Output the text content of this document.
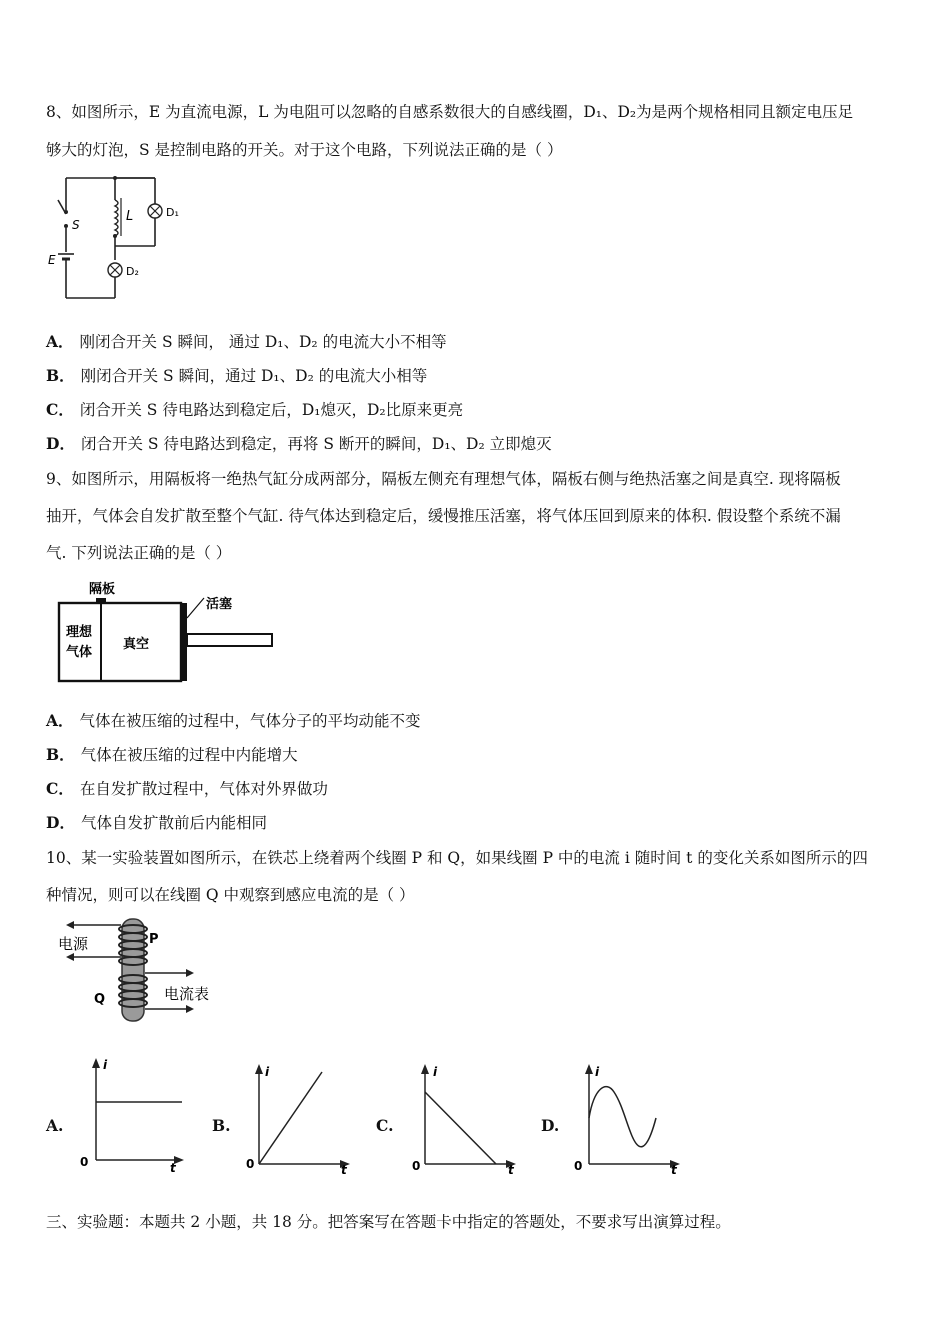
8、如图所示，E 为直流电源，L 为电阻可以忽略的自感系数很大的自感线圈，D₁、D₂为是两个规格相同且额定电压足
够大的灯泡，S 是控制电路的开关。对于这个电路，下列说法正确的是（ ）
S
L	D₁
D₂
E
A． 刚闭合开关 S 瞬间， 通过 D₁、D₂ 的电流大小不相等
B． 刚闭合开关 S 瞬间，通过 D₁、D₂ 的电流大小相等
C． 闭合开关 S 待电路达到稳定后，D₁熄灭，D₂比原来更亮
D． 闭合开关 S 待电路达到稳定，再将 S 断开的瞬间，D₁、D₂ 立即熄灭
9、如图所示，用隔板将一绝热气缸分成两部分，隔板左侧充有理想气体，隔板右侧与绝热活塞之间是真空. 现将隔板
抽开，气体会自发扩散至整个气缸. 待气体达到稳定后，缓慢推压活塞，将气体压回到原来的体积. 假设整个系统不漏
气. 下列说法正确的是（ ）
隔板
活塞
理想
气体
真空
A． 气体在被压缩的过程中，气体分子的平均动能不变
B． 气体在被压缩的过程中内能增大
C． 在自发扩散过程中，气体对外界做功
D． 气体自发扩散前后内能相同
10、某一实验装置如图所示，在铁芯上绕着两个线圈 P 和 Q，如果线圈 P 中的电流 i 随时间 t 的变化关系如图所示的四
种情况，则可以在线圈 Q 中观察到感应电流的是（ ）
电源
电流表
P
Q
A.
i
t
0
B.
i
t
0
C.
i
t
0
D.
i
t
0
三、实验题：本题共 2 小题，共 18 分。把答案写在答题卡中指定的答题处，不要求写出演算过程。
